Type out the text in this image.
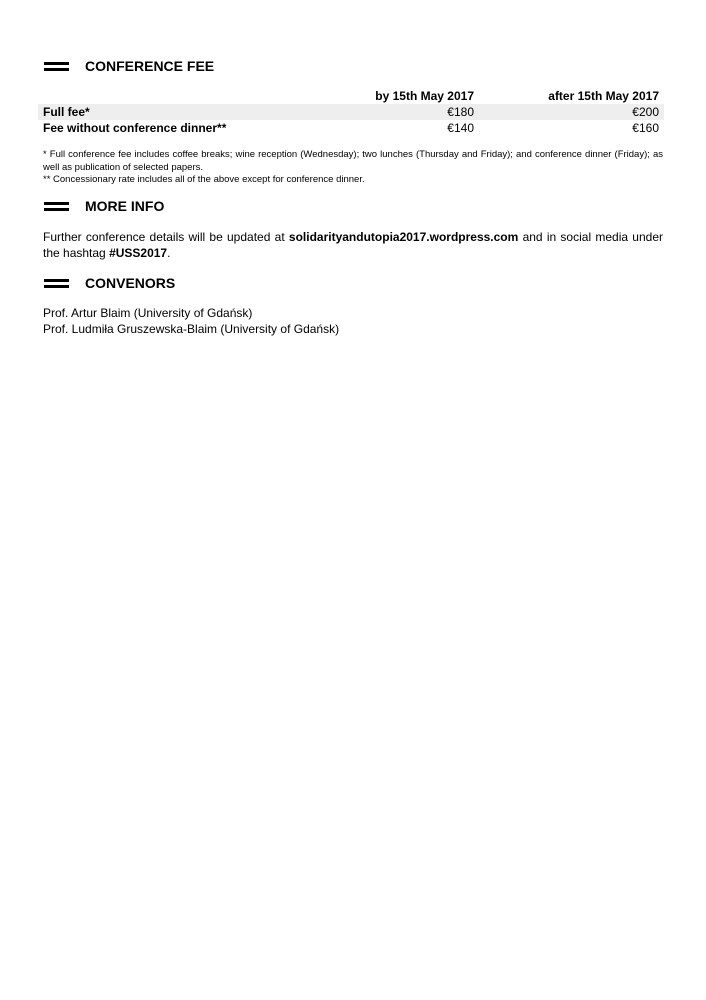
CONFERENCE FEE
	by 15th May 2017	after 15th May 2017
Full fee*	€180	€200
Fee without conference dinner**	€140	€160

* Full conference fee includes coffee breaks; wine reception (Wednesday); two lunches (Thursday and Friday); and conference dinner (Friday); as well as publication of selected papers.

** Concessionary rate includes all of the above except for conference dinner.

MORE INFO
Further conference details will be updated at solidarityandutopia2017.wordpress.com and in social media under the hashtag #USS2017.
CONVENORS

Prof. Artur Blaim (University of Gdańsk)

Prof. Ludmiła Gruszewska-Blaim (University of Gdańsk)
